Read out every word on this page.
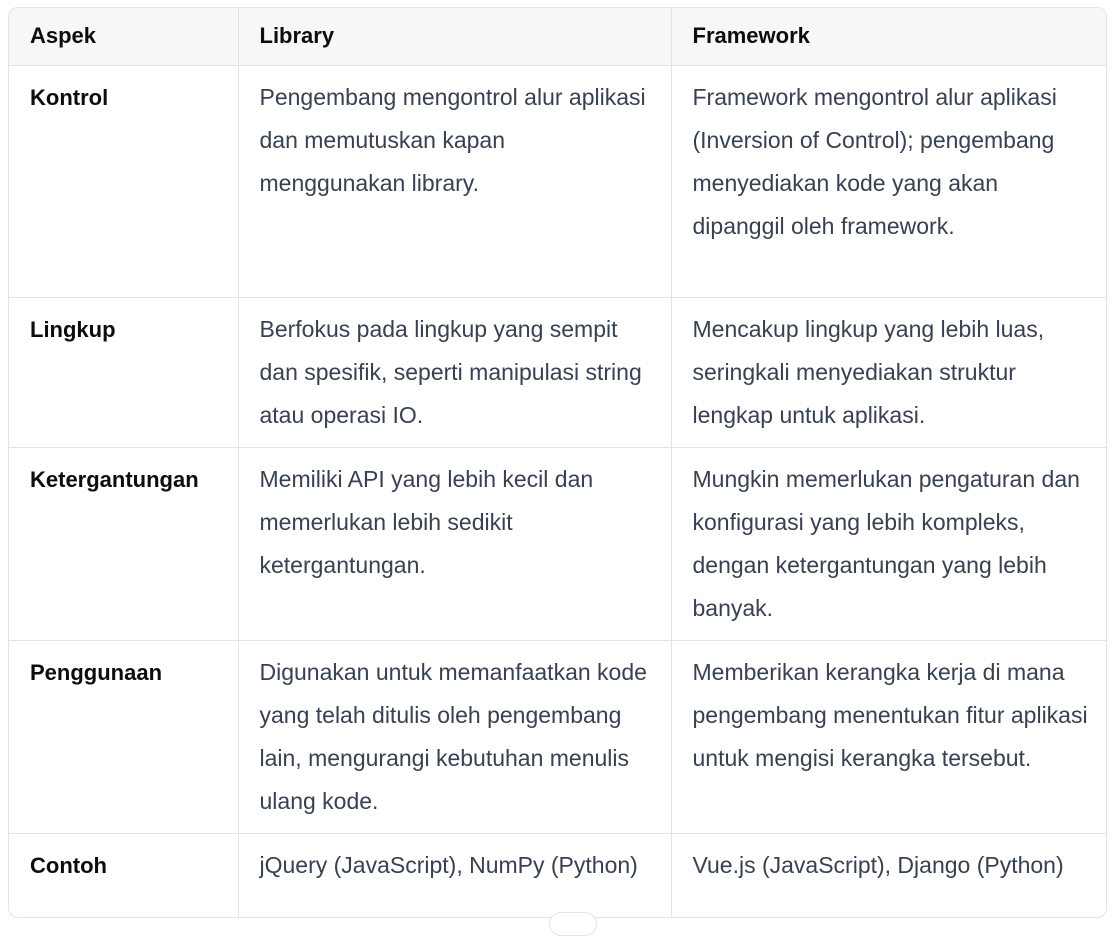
Aspek	Library	Framework
Kontrol	Pengembang mengontrol alur aplikasi dan memutuskan kapan menggunakan library.	Framework mengontrol alur aplikasi (Inversion of Control); pengembang menyediakan kode yang akan dipanggil oleh framework.
Lingkup	Berfokus pada lingkup yang sempit dan spesifik, seperti manipulasi string atau operasi IO.	Mencakup lingkup yang lebih luas, seringkali menyediakan struktur lengkap untuk aplikasi.
Ketergantungan	Memiliki API yang lebih kecil dan memerlukan lebih sedikit ketergantungan.	Mungkin memerlukan pengaturan dan konfigurasi yang lebih kompleks, dengan ketergantungan yang lebih banyak.
Penggunaan	Digunakan untuk memanfaatkan kode yang telah ditulis oleh pengembang lain, mengurangi kebutuhan menulis ulang kode.	Memberikan kerangka kerja di mana pengembang menentukan fitur aplikasi untuk mengisi kerangka tersebut.
Contoh	jQuery (JavaScript), NumPy (Python)	Vue.js (JavaScript), Django (Python)
